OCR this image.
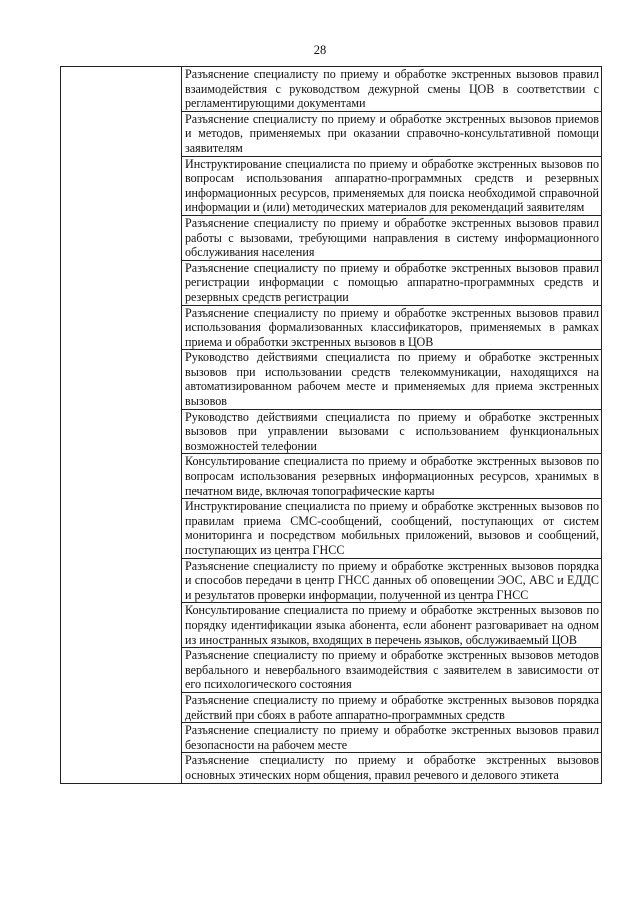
28

Разъяснение специалисту по приему и обработке экстренных вызовов правил взаимодействия с руководством дежурной смены ЦОВ в соответствии с регламентирующими документами

Разъяснение специалисту по приему и обработке экстренных вызовов приемов и методов, применяемых при оказании справочно-консультативной помощи заявителям

Инструктирование специалиста по приему и обработке экстренных вызовов по вопросам использования аппаратно-программных средств и резервных информационных ресурсов, применяемых для поиска необходимой справочной информации и (или) методических материалов для рекомендаций заявителям

Разъяснение специалисту по приему и обработке экстренных вызовов правил работы с вызовами, требующими направления в систему информационного обслуживания населения

Разъяснение специалисту по приему и обработке экстренных вызовов правил регистрации информации с помощью аппаратно-программных средств и резервных средств регистрации

Разъяснение специалисту по приему и обработке экстренных вызовов правил использования формализованных классификаторов, применяемых в рамках приема и обработки экстренных вызовов в ЦОВ

Руководство действиями специалиста по приему и обработке экстренных вызовов при использовании средств телекоммуникации, находящихся на автоматизированном рабочем месте и применяемых для приема экстренных вызовов

Руководство действиями специалиста по приему и обработке экстренных вызовов при управлении вызовами с использованием функциональных возможностей телефонии

Консультирование специалиста по приему и обработке экстренных вызовов по вопросам использования резервных информационных ресурсов, хранимых в печатном виде, включая топографические карты

Инструктирование специалиста по приему и обработке экстренных вызовов по правилам приема СМС-сообщений, сообщений, поступающих от систем мониторинга и посредством мобильных приложений, вызовов и сообщений, поступающих из центра ГНСС

Разъяснение специалисту по приему и обработке экстренных вызовов порядка и способов передачи в центр ГНСС данных об оповещении ЭОС, АВС и ЕДДС и результатов проверки информации, полученной из центра ГНСС

Консультирование специалиста по приему и обработке экстренных вызовов по порядку идентификации языка абонента, если абонент разговаривает на одном из иностранных языков, входящих в перечень языков, обслуживаемый ЦОВ

Разъяснение специалисту по приему и обработке экстренных вызовов методов вербального и невербального взаимодействия с заявителем в зависимости от его психологического состояния

Разъяснение специалисту по приему и обработке экстренных вызовов порядка действий при сбоях в работе аппаратно-программных средств

Разъяснение специалисту по приему и обработке экстренных вызовов правил безопасности на рабочем месте

Разъяснение специалисту по приему и обработке экстренных вызовов основных этических норм общения, правил речевого и делового этикета
